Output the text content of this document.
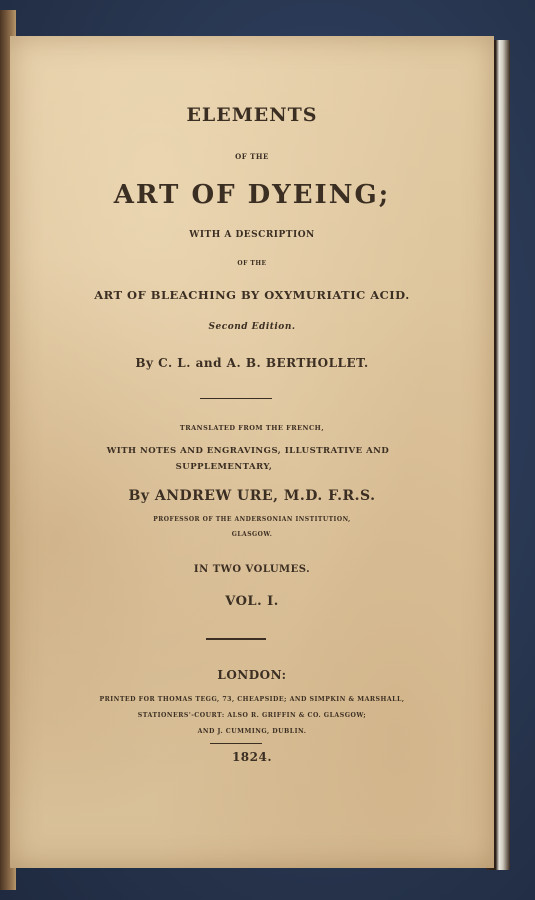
ELEMENTS
OF THE
ART OF DYEING;
WITH A DESCRIPTION
OF THE
ART OF BLEACHING BY OXYMURIATIC ACID.
Second Edition.
By C. L. and A. B. BERTHOLLET.
TRANSLATED FROM THE FRENCH,
WITH NOTES AND ENGRAVINGS, ILLUSTRATIVE AND
SUPPLEMENTARY,
By ANDREW URE, M.D. F.R.S.
PROFESSOR OF THE ANDERSONIAN INSTITUTION,
GLASGOW.
IN TWO VOLUMES.
VOL. I.
LONDON:
PRINTED FOR THOMAS TEGG, 73, CHEAPSIDE; AND SIMPKIN & MARSHALL,
STATIONERS'-COURT: ALSO R. GRIFFIN & CO. GLASGOW;
AND J. CUMMING, DUBLIN.
1824.
